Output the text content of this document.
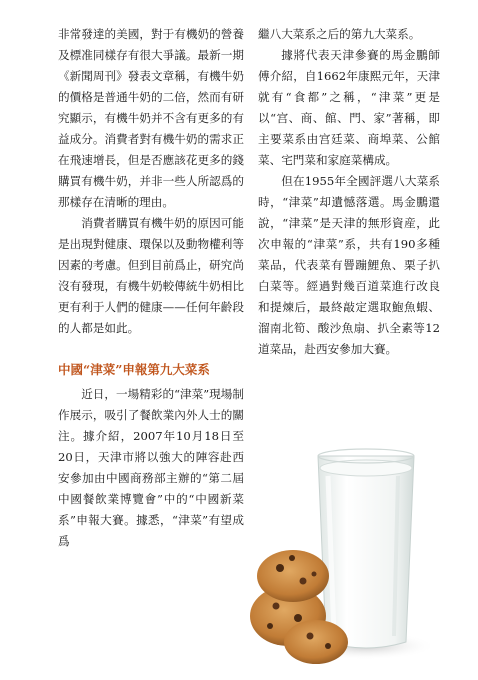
非常發達的美國，對于有機奶的營養及標准同樣存有很大爭議。最新一期《新聞周刊》發表文章稱，有機牛奶的價格是普通牛奶的二倍，然而有研究顯示，有機牛奶并不含有更多的有益成分。消費者對有機牛奶的需求正在飛速增長，但是否應該花更多的錢購買有機牛奶，并非一些人所認爲的那樣存在清晰的理由。

消費者購買有機牛奶的原因可能是出現對健康、環保以及動物權利等因素的考慮。但到目前爲止，研究尚沒有發現，有機牛奶較傳統牛奶相比更有利于人們的健康——任何年齡段的人都是如此。

中國“津菜”申報第九大菜系

近日，一場精彩的“津菜”現場制作展示，吸引了餐飲業內外人士的關注。據介紹，2007年10月18日至20日，天津市將以強大的陣容赴西安參加由中國商務部主辦的“第二屆中國餐飲業博覽會”中的“中國新菜系”申報大賽。據悉，“津菜”有望成爲

繼八大菜系之后的第九大菜系。

據將代表天津參賽的馬金鵬師傅介紹，自1662年康熙元年，天津就有“食都”之稱，“津菜”更是以“宫、商、館、門、家”著稱，即主要菜系由宫廷菜、商埠菜、公館菜、宅門菜和家庭菜構成。

但在1955年全國評選八大菜系時，“津菜”却遺憾落選。馬金鵬還說，“津菜”是天津的無形資産，此次申報的“津菜”系，共有190多種菜品，代表菜有罾蹦鯉魚、栗子扒白菜等。經過對幾百道菜進行改良和提煉后，最終敲定選取鮑魚蝦、溜南北筍、酸沙魚扇、扒全素等12道菜品，赴西安參加大賽。
